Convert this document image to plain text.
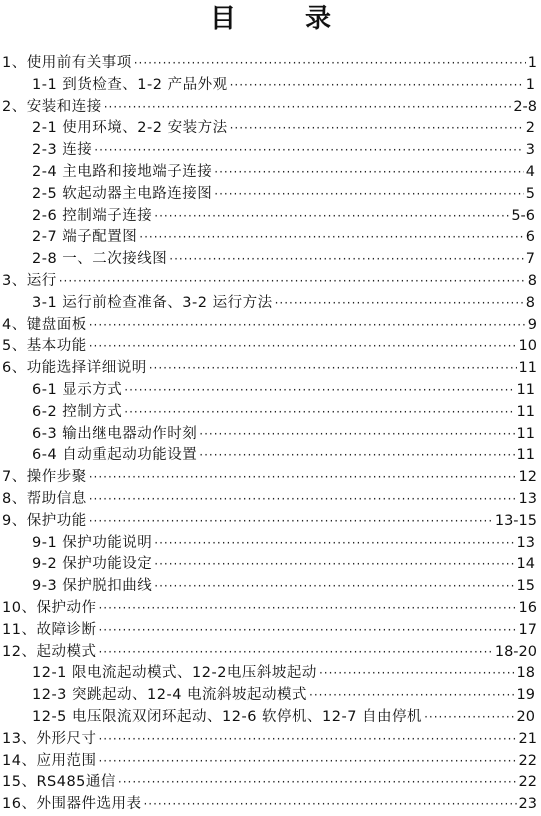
目 录
1、使用前有关事项 ·····	1
1-1 到货检查、1-2 产品外观 ·····	1
2、安装和连接 ·····	2-8
2-1 使用环境、2-2 安装方法 ·····	2
2-3 连接 ·····	3
2-4 主电路和接地端子连接 ·····	4
2-5 软起动器主电路连接图 ·····	5
2-6 控制端子连接 ·····	5-6
2-7 端子配置图 ·····	6
2-8 一、二次接线图 ·····	7
3、运行 ·····	8
3-1 运行前检查准备、3-2 运行方法 ·····	8
4、键盘面板 ·····	9
5、基本功能 ·····	10
6、功能选择详细说明 ·····	11
6-1 显示方式 ·····	11
6-2 控制方式 ·····	11
6-3 输出继电器动作时刻 ·····	11
6-4 自动重起动功能设置 ·····	11
7、操作步聚 ·····	12
8、帮助信息 ·····	13
9、保护功能 ·····	13-15
9-1 保护功能说明 ·····	13
9-2 保护功能设定 ·····	14
9-3 保护脱扣曲线 ·····	15
10、保护动作 ·····	16
11、故障诊断 ·····	17
12、起动模式 ·····	18-20
12-1 限电流起动模式、12-2电压斜坡起动 ·····	18
12-3 突跳起动、12-4 电流斜坡起动模式 ·····	19
12-5 电压限流双闭环起动、12-6 软停机、12-7 自由停机 ·····	20
13、外形尺寸 ·····	21
14、应用范围 ·····	22
15、RS485通信 ·····	22
16、外围器件选用表 ·····	23
